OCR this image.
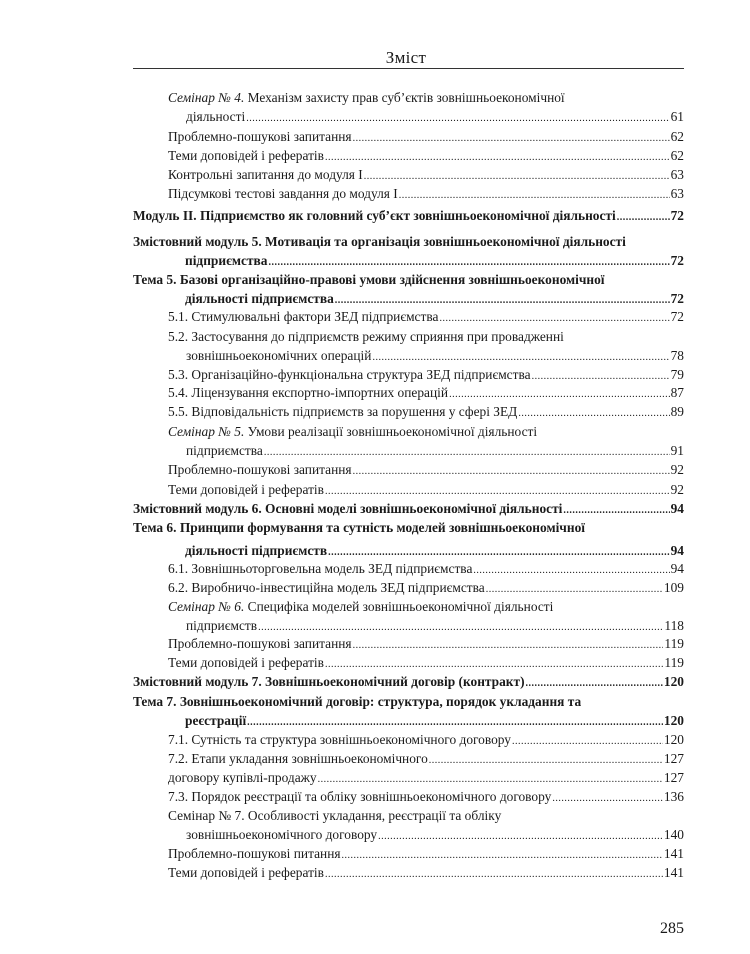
Зміст
Семінар № 4. Механізм захисту прав суб’єктів зовнішньоекономічної
діяльності .....	61
Проблемно-пошукові запитання .....	62
Теми доповідей і рефератів .....	62
Контрольні запитання до модуля І .....	63
Підсумкові тестові завдання до модуля І .....	63
Модуль ІІ. Підприємство як головний суб’єкт зовнішньоекономічної діяльності .....	72
Змістовний модуль 5. Мотивація та організація зовнішньоекономічної діяльності
підприємства .....	72
Тема 5. Базові організаційно-правові умови здійснення зовнішньоекономічної
діяльності підприємства .....	72
5.1. Стимулювальні фактори ЗЕД підприємства .....	72
5.2. Застосування до підприємств режиму сприяння при провадженні
зовнішньоекономічних операцій .....	78
5.3. Організаційно-функціональна структура ЗЕД підприємства .....	79
5.4. Ліцензування експортно-імпортних операцій .....	87
5.5. Відповідальність підприємств за порушення у сфері ЗЕД .....	89
Семінар № 5. Умови реалізації зовнішньоекономічної діяльності
підприємства .....	91
Проблемно-пошукові запитання .....	92
Теми доповідей і рефератів .....	92
Змістовний модуль 6. Основні моделі зовнішньоекономічної діяльності .....	94
Тема 6. Принципи формування та сутність моделей зовнішньоекономічної
діяльності підприємств .....	94
6.1. Зовнішньоторговельна модель ЗЕД підприємства .....	94
6.2. Виробничо-інвестиційна модель ЗЕД підприємства .....	109
Семінар № 6. Специфіка моделей зовнішньоекономічної діяльності
підприємств .....	118
Проблемно-пошукові запитання .....	119
Теми доповідей і рефератів .....	119
Змістовний модуль 7. Зовнішньоекономічний договір (контракт) .....	120
Тема 7. Зовнішньоекономічний договір: структура, порядок укладання та
реєстрації .....	120
7.1. Сутність та структура зовнішньоекономічного договору .....	120
7.2. Етапи укладання зовнішньоекономічного .....	127
договору купівлі-продажу .....	127
7.3. Порядок реєстрації та обліку зовнішньоекономічного договору .....	136
Семінар № 7. Особливості укладання, реєстрації та обліку
зовнішньоекономічного договору .....	140
Проблемно-пошукові питання .....	141
Теми доповідей і рефератів .....	141
285
